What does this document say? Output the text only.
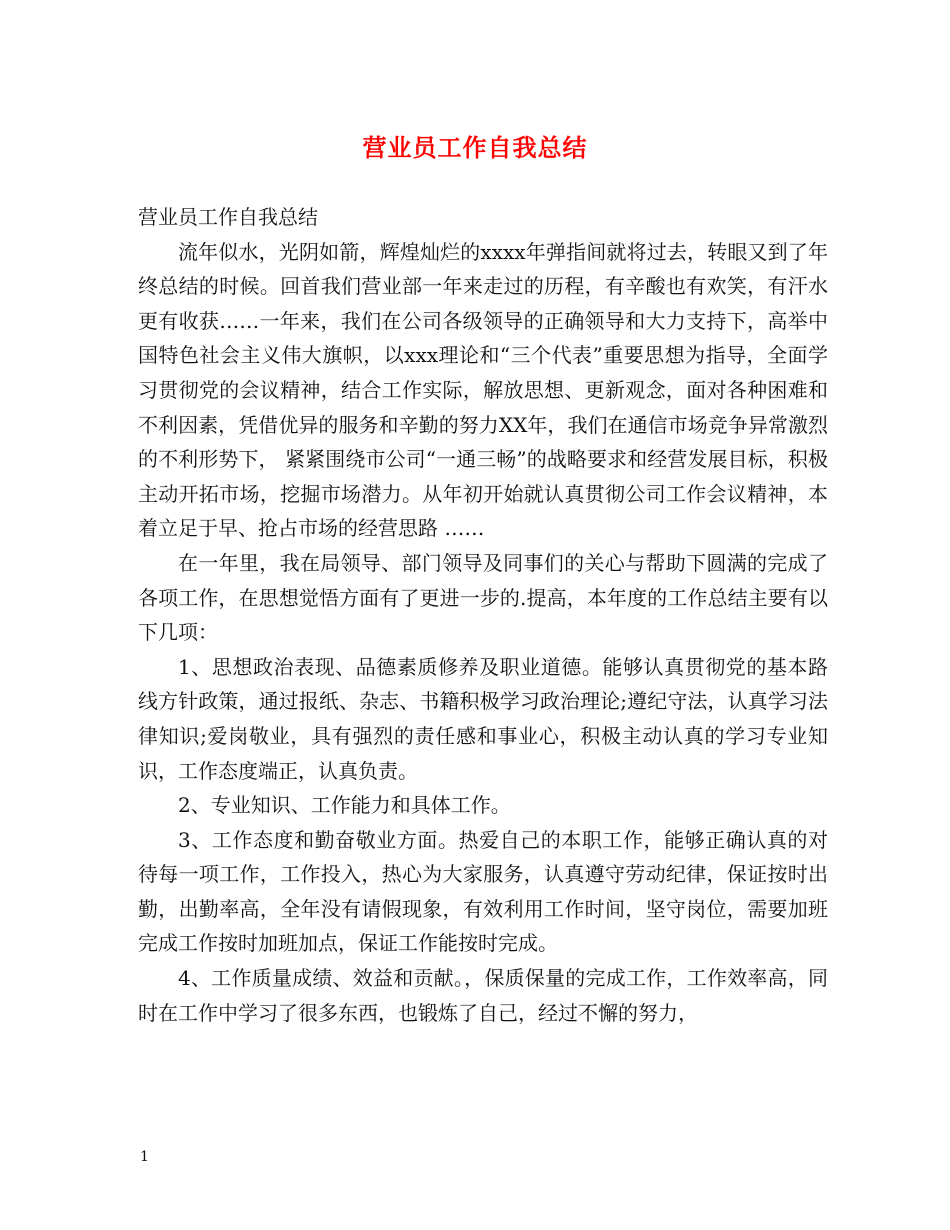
营业员工作自我总结

营业员工作自我总结

流年似水，光阴如箭，辉煌灿烂的xxxx年弹指间就将过去，转眼又到了年终总结的时候。回首我们营业部一年来走过的历程，有辛酸也有欢笑，有汗水更有收获……一年来，我们在公司各级领导的正确领导和大力支持下，高举中国特色社会主义伟大旗帜，以xxx理论和“三个代表”重要思想为指导，全面学习贯彻党的会议精神，结合工作实际，解放思想、更新观念，面对各种困难和不利因素，凭借优异的服务和辛勤的努力XX年，我们在通信市场竞争异常激烈的不利形势下， 紧紧围绕市公司“一通三畅”的战略要求和经营发展目标，积极主动开拓市场，挖掘市场潜力。从年初开始就认真贯彻公司工作会议精神，本着立足于早、抢占市场的经营思路 ……

在一年里，我在局领导、部门领导及同事们的关心与帮助下圆满的完成了各项工作，在思想觉悟方面有了更进一步的.提高，本年度的工作总结主要有以下几项：

1、思想政治表现、品德素质修养及职业道德。能够认真贯彻党的基本路线方针政策，通过报纸、杂志、书籍积极学习政治理论;遵纪守法，认真学习法律知识;爱岗敬业，具有强烈的责任感和事业心，积极主动认真的学习专业知识，工作态度端正，认真负责。

2、专业知识、工作能力和具体工作。

3、工作态度和勤奋敬业方面。热爱自己的本职工作，能够正确认真的对待每一项工作，工作投入，热心为大家服务，认真遵守劳动纪律，保证按时出勤，出勤率高，全年没有请假现象，有效利用工作时间，坚守岗位，需要加班完成工作按时加班加点，保证工作能按时完成。

4、工作质量成绩、效益和贡献。，保质保量的完成工作，工作效率高，同时在工作中学习了很多东西，也锻炼了自己，经过不懈的努力，

1
